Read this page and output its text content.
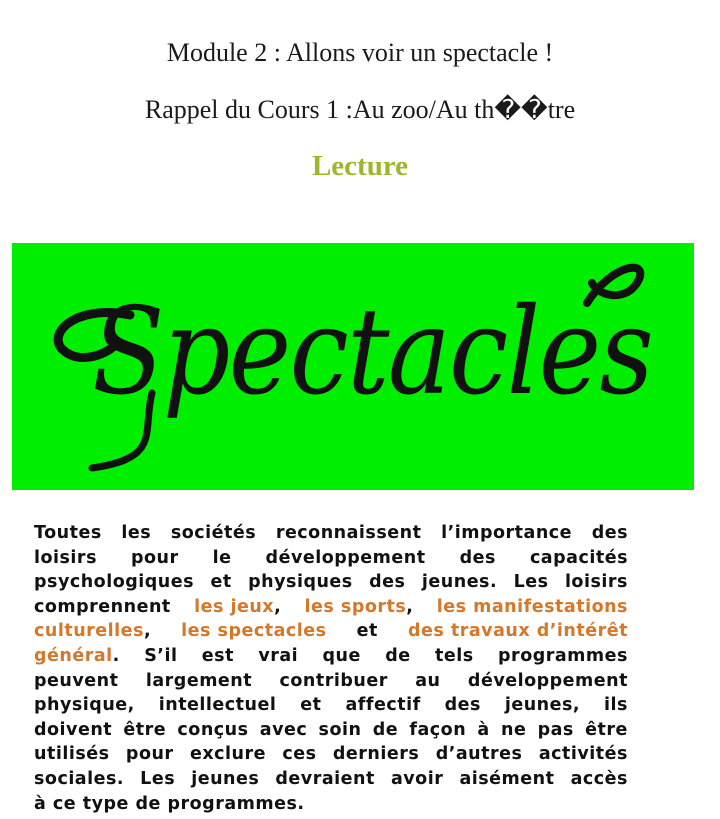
Module 2 : Allons voir un spectacle !
Rappel du Cours 1 :Au zoo/Au th��tre
Lecture
Spectacles
Toutes les sociétés reconnaissent l’importance des
loisirs pour le développement des capacités
psychologiques et physiques des jeunes. Les loisirs
comprennent les jeux, les sports, les manifestations
culturelles, les spectacles et des travaux d’intérêt
général. S’il est vrai que de tels programmes
peuvent largement contribuer au développement
physique, intellectuel et affectif des jeunes, ils
doivent être conçus avec soin de façon à ne pas être
utilisés pour exclure ces derniers d’autres activités
sociales. Les jeunes devraient avoir aisément accès
à ce type de programmes.
